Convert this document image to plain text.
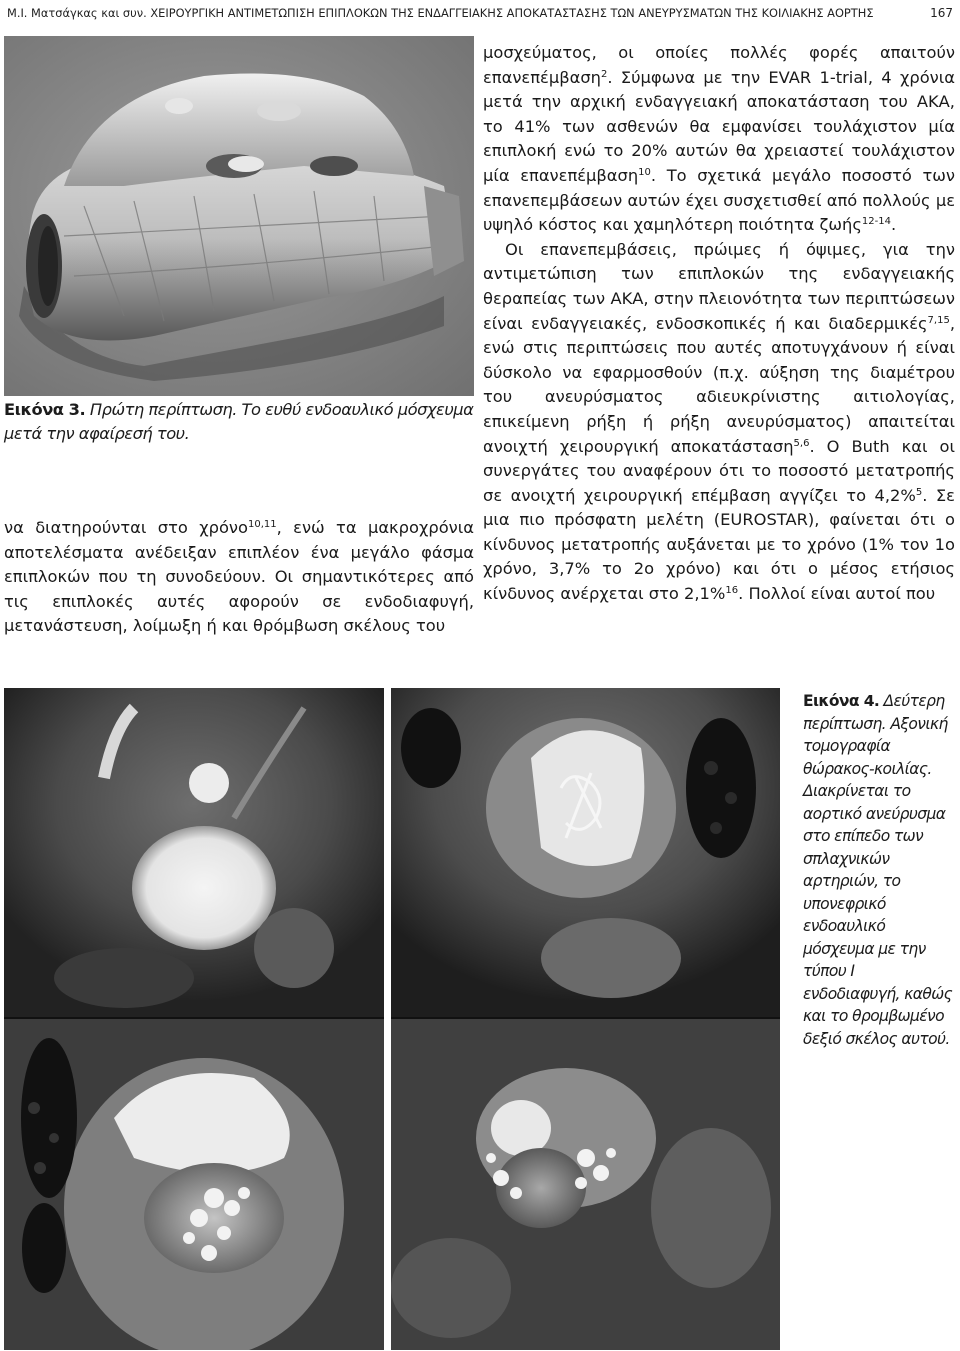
Μ.Ι. Ματσάγκας και συν. ΧΕΙΡΟΥΡΓΙΚΗ ΑΝΤΙΜΕΤΩΠΙΣΗ ΕΠΙΠΛΟΚΩΝ ΤΗΣ ΕΝΔΑΓΓΕΙΑΚΗΣ ΑΠΟΚΑΤΑΣΤΑΣΗΣ ΤΩΝ ΑΝΕΥΡΥΣΜΑΤΩΝ ΤΗΣ ΚΟΙΛΙΑΚΗΣ ΑΟΡΤΗΣ	167
Εικόνα 3. Πρώτη περίπτωση. Το ευθύ ενδοαυλικό μόσχευμα μετά την αφαίρεσή του.

να διατηρούνται στο χρόνο$^{10,11}$, ενώ τα μακροχρόνια αποτελέσματα ανέδειξαν επιπλέον ένα μεγάλο φάσμα επιπλοκών που τη συνοδεύουν. Οι σημαντικότερες από τις επιπλοκές αυτές αφορούν σε ενδοδιαφυγή, μετανάστευση, λοίμωξη ή και θρόμβωση σκέλους του

μοσχεύματος, οι οποίες πολλές φορές απαιτούν επανεπέμβαση$^2$. Σύμφωνα με την EVAR 1-trial, 4 χρόνια μετά την αρχική ενδαγγειακή αποκατάσταση του ΑΚΑ, το 41% των ασθενών θα εμφανίσει τουλάχιστον μία επιπλοκή ενώ το 20% αυτών θα χρειαστεί τουλάχιστον μία επανεπέμβαση$^{10}$. Το σχετικά μεγάλο ποσοστό των επανεπεμβάσεων αυτών έχει συσχετισθεί από πολλούς με υψηλό κόστος και χαμηλότερη ποιότητα ζωής$^{12-14}$.

Οι επανεπεμβάσεις, πρώιμες ή όψιμες, για την αντιμετώπιση των επιπλοκών της ενδαγγειακής θεραπείας των ΑΚΑ, στην πλειονότητα των περιπτώσεων είναι ενδαγγειακές, ενδοσκοπικές ή και διαδερμικές$^{7,15}$, ενώ στις περιπτώσεις που αυτές αποτυγχάνουν ή είναι δύσκολο να εφαρμοσθούν (π.χ. αύξηση της διαμέτρου του ανευρύσματος αδιευκρίνιστης αιτιολογίας, επικείμενη ρήξη ή ρήξη ανευρύσματος) απαιτείται ανοιχτή χειρουργική αποκατάσταση$^{5,6}$. Ο Buth και οι συνεργάτες του αναφέρουν ότι το ποσοστό μετατροπής σε ανοιχτή χειρουργική επέμβαση αγγίζει το 4,2%$^5$. Σε μια πιο πρόσφατη μελέτη (EUROSTAR), φαίνεται ότι ο κίνδυνος μετατροπής αυξάνεται με το χρόνο (1% τον 1ο χρόνο, 3,7% το 2ο χρόνο) και ότι ο μέσος ετήσιος κίνδυνος ανέρχεται στο 2,1%$^{16}$. Πολλοί είναι αυτοί που

Εικόνα 4. Δεύτερη περίπτωση. Αξονική τομογραφία θώρακος-κοιλίας. Διακρίνεται το αορτικό ανεύρυσμα στο επίπεδο των σπλαχνικών αρτηριών, το υπονεφρικό ενδοαυλικό μόσχευμα με την τύπου Ι ενδοδιαφυγή, καθώς και το θρομβωμένο δεξιό σκέλος αυτού.
